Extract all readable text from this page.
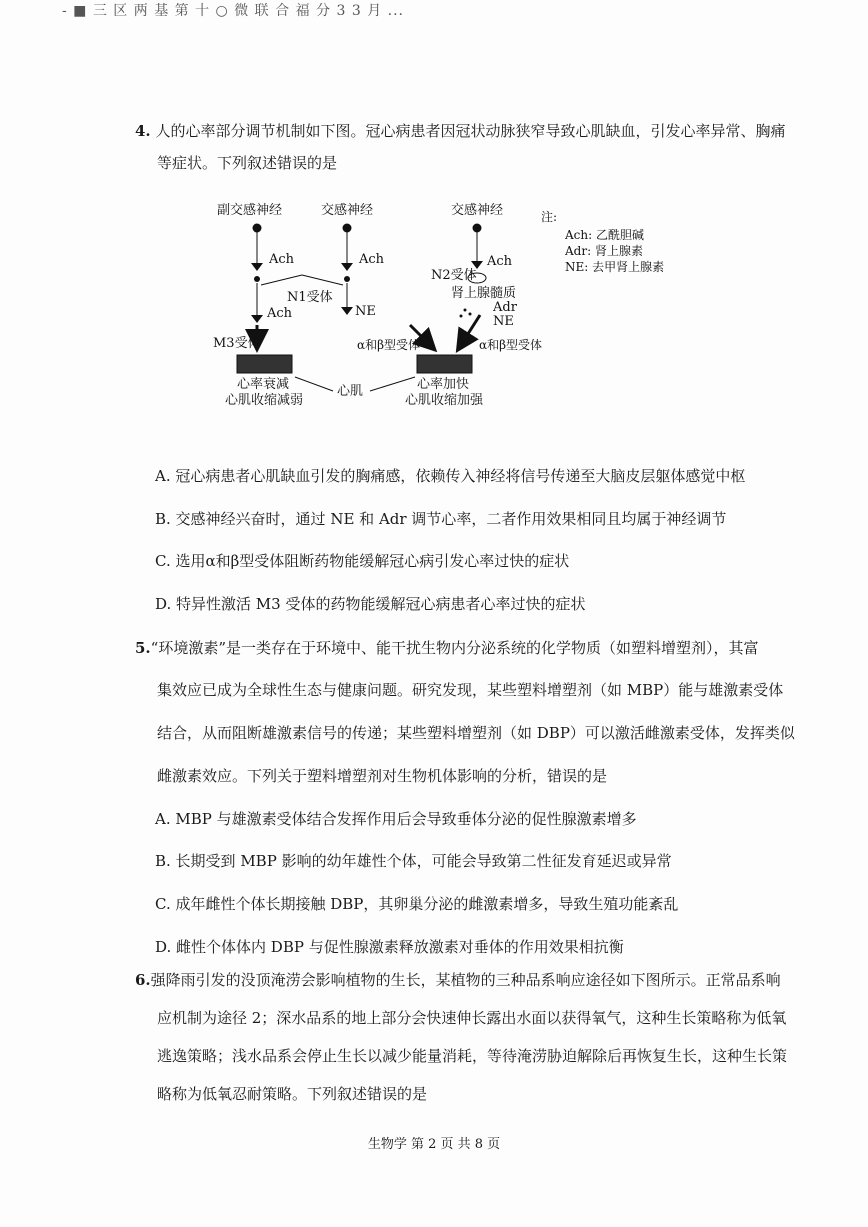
- ■ 三 区 两 基 第 十 ○ 微 联 合 福 分 3 3 月 ...
4. 人的心率部分调节机制如下图。冠心病患者因冠状动脉狭窄导致心肌缺血，引发心率异常、胸痛
等症状。下列叙述错误的是
副交感神经	交感神经	交感神经
Ach	Ach	Ach
Ach
N1受体
NE
N2受体
肾上腺髓质
Adr
NE
M3受体	α和β型受体	α和β型受体
心率衰减
心肌收缩减弱
心率加快
心肌收缩加强
心肌
注:
Ach: 乙酰胆碱
Adr: 肾上腺素
NE: 去甲肾上腺素
A. 冠心病患者心肌缺血引发的胸痛感，依赖传入神经将信号传递至大脑皮层躯体感觉中枢
B. 交感神经兴奋时，通过 NE 和 Adr 调节心率，二者作用效果相同且均属于神经调节
C. 选用α和β型受体阻断药物能缓解冠心病引发心率过快的症状
D. 特异性激活 M3 受体的药物能缓解冠心病患者心率过快的症状
5.“环境激素”是一类存在于环境中、能干扰生物内分泌系统的化学物质（如塑料增塑剂），其富
集效应已成为全球性生态与健康问题。研究发现，某些塑料增塑剂（如 MBP）能与雄激素受体
结合，从而阻断雄激素信号的传递；某些塑料增塑剂（如 DBP）可以激活雌激素受体，发挥类似
雌激素效应。下列关于塑料增塑剂对生物机体影响的分析，错误的是
A. MBP 与雄激素受体结合发挥作用后会导致垂体分泌的促性腺激素增多
B. 长期受到 MBP 影响的幼年雄性个体，可能会导致第二性征发育延迟或异常
C. 成年雌性个体长期接触 DBP，其卵巢分泌的雌激素增多，导致生殖功能紊乱
D. 雌性个体体内 DBP 与促性腺激素释放激素对垂体的作用效果相抗衡
6.强降雨引发的没顶淹涝会影响植物的生长，某植物的三种品系响应途径如下图所示。正常品系响
应机制为途径 2；深水品系的地上部分会快速伸长露出水面以获得氧气，这种生长策略称为低氧
逃逸策略；浅水品系会停止生长以减少能量消耗，等待淹涝胁迫解除后再恢复生长，这种生长策
略称为低氧忍耐策略。下列叙述错误的是
生物学 第 2 页 共 8 页
